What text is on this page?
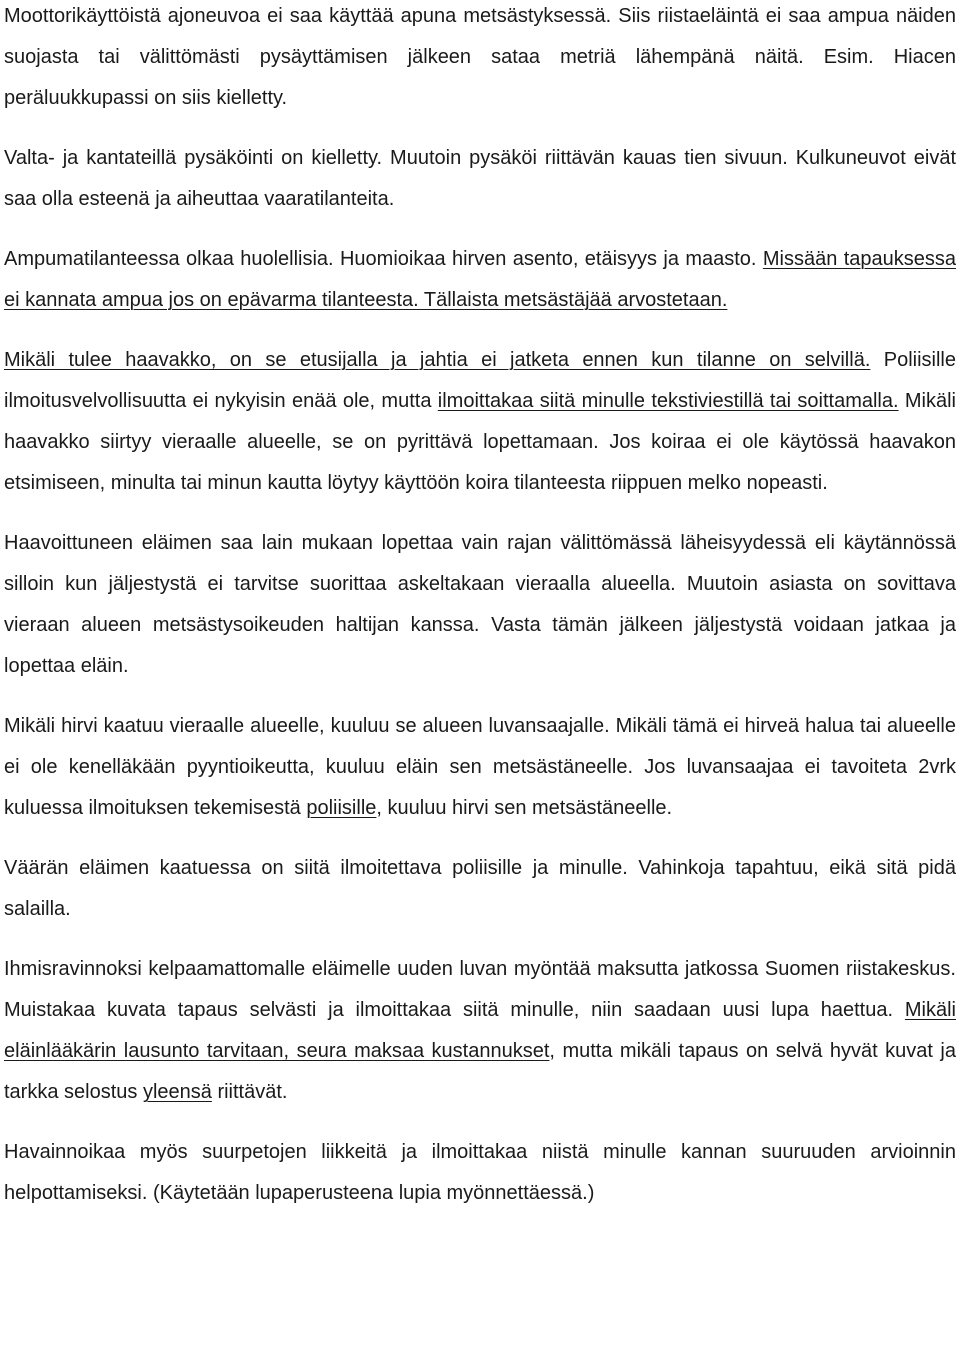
Moottorikäyttöistä ajoneuvoa ei saa käyttää apuna metsästyksessä. Siis riistaeläintä ei saa ampua näiden suojasta tai välittömästi pysäyttämisen jälkeen sataa metriä lähempänä näitä. Esim. Hiacen peräluukkupassi on siis kielletty.

Valta- ja kantateillä pysäköinti on kielletty. Muutoin pysäköi riittävän kauas tien sivuun. Kulkuneuvot eivät saa olla esteenä ja aiheuttaa vaaratilanteita.

Ampumatilanteessa olkaa huolellisia. Huomioikaa hirven asento, etäisyys ja maasto. Missään tapauksessa ei kannata ampua jos on epävarma tilanteesta. Tällaista metsästäjää arvostetaan.

Mikäli tulee haavakko, on se etusijalla ja jahtia ei jatketa ennen kun tilanne on selvillä. Poliisille ilmoitusvelvollisuutta ei nykyisin enää ole, mutta ilmoittakaa siitä minulle tekstiviestillä tai soittamalla. Mikäli haavakko siirtyy vieraalle alueelle, se on pyrittävä lopettamaan. Jos koiraa ei ole käytössä haavakon etsimiseen, minulta tai minun kautta löytyy käyttöön koira tilanteesta riippuen melko nopeasti.

Haavoittuneen eläimen saa lain mukaan lopettaa vain rajan välittömässä läheisyydessä eli käytännössä silloin kun jäljestystä ei tarvitse suorittaa askeltakaan vieraalla alueella. Muutoin asiasta on sovittava vieraan alueen metsästysoikeuden haltijan kanssa. Vasta tämän jälkeen jäljestystä voidaan jatkaa ja lopettaa eläin.

Mikäli hirvi kaatuu vieraalle alueelle, kuuluu se alueen luvansaajalle. Mikäli tämä ei hirveä halua tai alueelle ei ole kenelläkään pyyntioikeutta, kuuluu eläin sen metsästäneelle. Jos luvansaajaa ei tavoiteta 2vrk kuluessa ilmoituksen tekemisestä poliisille, kuuluu hirvi sen metsästäneelle.

Väärän eläimen kaatuessa on siitä ilmoitettava poliisille ja minulle. Vahinkoja tapahtuu, eikä sitä pidä salailla.

Ihmisravinnoksi kelpaamattomalle eläimelle uuden luvan myöntää maksutta jatkossa Suomen riistakeskus. Muistakaa kuvata tapaus selvästi ja ilmoittakaa siitä minulle, niin saadaan uusi lupa haettua. Mikäli eläinlääkärin lausunto tarvitaan, seura maksaa kustannukset, mutta mikäli tapaus on selvä hyvät kuvat ja tarkka selostus yleensä riittävät.

Havainnoikaa myös suurpetojen liikkeitä ja ilmoittakaa niistä minulle kannan suuruuden arvioinnin helpottamiseksi. (Käytetään lupaperusteena lupia myönnettäessä.)
